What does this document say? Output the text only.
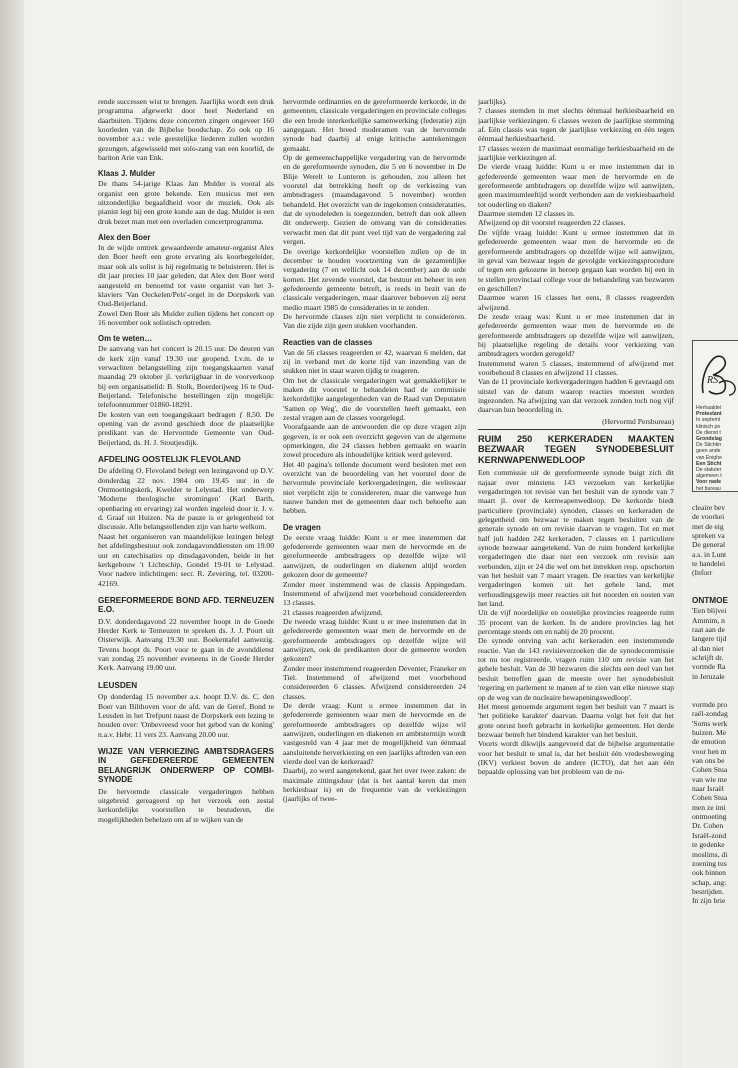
rende successen wist te brengen. Jaarlijks wordt een druk programma afgewerkt door heel Nederland en daarbuiten. Tijdens deze concerten zingen ongeveer 160 koorleden van de Bijbelse boodschap. Zo ook op 16 november a.s.: vele geestelijke liederen zullen worden gezongen, afgewisseld met solo-zang van een koorlid, de bariton Arie van Enk.

Klaas J. Mulder

De thans 54-jarige Klaas Jan Mulder is vooral als organist een grote bekende. Een musicus met een uitzonderlijke begaafdheid voor de muziek. Ook als pianist legt hij een grote kunde aan de dag. Mulder is een druk bezet man met een overladen concertprogramma.

Alex den Boer

In de wijde omtrek gewaardeerde amateur-organist Alex den Boer heeft een grote ervaring als koorbegeleider, maar ook als solist is hij regelmatig te beluisteren. Het is dit jaar precies 10 jaar geleden, dat Alex den Boer werd aangesteld en benoemd tot vaste organist van het 3-klaviers 'Van Oeckelen/Pels'-orgel in de Dorpskerk van Oud-Beijerland.

Zowel Den Boer als Mulder zullen tijdens het concert op 16 november ook solistisch optreden.

Om te weten…

De aanvang van het concert is 20.15 uur. De deuren van de kerk zijn vanaf 19.30 uur geopend. I.v.m. de te verwachten belangstelling zijn toegangskaarten vanaf maandag 29 oktober jl. verkrijgbaar in de voorverkoop bij een organisatielid: B. Stolk, Boerderijweg 16 te Oud-Beijerland. Telefonische bestellingen zijn mogelijk: telefoonnummer 01860-18291.

De kosten van een toegangskaart bedragen ƒ 8,50. De opening van de avond geschiedt door de plaatselijke predikant van de Hervormde Gemeente van Oud-Beijerland, ds. H. J. Stoutjesdijk.

AFDELING OOSTELIJK FLEVOLAND

De afdeling O. Flevoland belegt een lezingavond op D.V. donderdag 22 nov. 1984 om 19.45 uur in de Ontmoetingskerk, Kwelder te Lelystad. Het onderwerp 'Moderne theologische stromingen' (Karl Barth, openbaring en ervaring) zal worden ingeleid door ir. J. v. d. Graaf uit Huizen. Na de pauze is er gelegenheid tot discussie. Alle belangstellenden zijn van harte welkom.

Naast het organiseren van maandelijkse lezingen belegt het afdelingsbestuur ook zondagavonddiensten om 19.00 uur en catechisaties op dinsdagavonden, beide in het kerkgebouw 't Lichtschip, Gondel 19-01 te Lelystad. Voor nadere inlichtingen: secr. R. Zevering, tel. 03200-42169.

GEREFORMEERDE BOND AFD. TERNEUZEN E.O.

D.V. donderdagavond 22 november hoopt in de Goede Herder Kerk te Terneuzen te spreken ds. J. J. Poort uit Oisterwijk. Aanvang 19.30 uur. Boekentafel aanwezig. Tevens hoopt ds. Poort voor te gaan in de avonddienst van zondag 25 november eveneens in de Goede Herder Kerk. Aanvang 19.00 uur.

LEUSDEN

Op donderdag 15 november a.s. hoopt D.V. ds. C. den Boer van Bilthoven voor de afd. van de Geref. Bond te Leusden in het Trefpunt naast de Dorpskerk een lezing te houden over: 'Onbevreesd voor het gebod van de koning' n.a.v. Hebr. 11 vers 23. Aanvang 20.00 uur.

WIJZE VAN VERKIEZING AMBTSDRAGERS IN GEFEDEREERDE GEMEENTEN BELANGRIJK ONDERWERP OP COMBI-SYNODE

De hervormde classicale vergaderingen hebben uitgebreid gereageerd op het verzoek een zestal kerkordelijke voorstellen te bestuderen, die mogelijkheden behelzen om af te wijken van de

hervormde ordinanties en de gereformeerde kerkorde, in de gemeenten, classicale vergaderingen en provinciale colleges die een brede interkerkelijke samenwerking (federatie) zijn aangegaan. Het breed moderamen van de hervormde synode had daarbij al enige kritische aantekeningen gemaakt.

Op de gemeenschappelijke vergadering van de hervormde en de gereformeerde synoden, die 5 en 6 november in De Blije Werelt te Lunteren is gehouden, zou alleen het voorstel dat betrekking heeft op de verkiezing van ambtsdragers (maandagavond 5 november) worden behandeld. Het overzicht van de ingekomen considerataties, dat de synodeleden is toegezonden, betreft dan ook alleen dit onderwerp. Gezien de omvang van de consideraties verwacht men dat dit punt veel tijd van de vergadering zal vergen.

De overige kerkordelijke voorstellen zullen op de in december te houden voortzetting van de gezamenlijke vergadering (7 en wellicht ook 14 december) aan de orde komen. Het zevende voorstel, dat bestuur en beheer in een gefedereerde gemeente betreft, is reeds in bezit van de classicale vergaderingen, maar daarover behoeven zij eerst medio maart 1985 de consideraties in te zenden.

De hervormde classes zijn niet verplicht te considereren. Van die zijde zijn geen stukken voorhanden.

Reacties van de classes

Van de 56 classes reageerden er 42, waarvan 6 melden, dat zij in verband met de korte tijd van inzending van de stukken niet in staat waren tijdig te reageren.

Om het de classicale vergaderingen wat gemakkelijker te maken dit voorstel te behandelen had de commissie kerkordelijke aangelegenheden van de Raad van Deputaten 'Samen op Weg', die de voorstellen heeft gemaakt, een zestal vragen aan de classes voorgelegd.

Voorafgaande aan de antwoorden die op deze vragen zijn gegeven, is er ook een overzicht gegeven van de algemene opmerkingen, die 24 classes hebben gemaakt en waarin zowel procedure als inhoudelijke kritiek werd geleverd.

Het 40 pagina's tellende document werd besloten met een overzicht van de beoordeling van het voorstel door de hervormde provinciale kerkvergaderingen, die weliswaar niet verplicht zijn te considereren, maar die vanwege hun nauwe banden met de gemeenten daar toch behoefte aan hebben.

De vragen

De eerste vraag luidde: Kunt u er mee instemmen dat gefedereerde gemeenten waar men de hervormde en de gereformeerde ambtsdragers op dezelfde wijze wil aanwijzen, de ouderlingen en diakenen altijd worden gekozen door de gemeente?

Zonder meer instemmend was de classis Appingedam. Instemmend of afwijzend met voorbehoud considereerden 13 classes.

21 classes reageerden afwijzend.

De tweede vraag luidde: Kunt u er mee instemmen dat in gefedereerde gemeenten waar men de hervormde en de gereformeerde ambtsdragers op dezelfde wijze wil aanwijzen, ook de predikanten door de gemeente worden gekozen?

Zonder meer instemmend reageerden Deventer, Franeker en Tiel. Instemmend of afwijzend met voorbehoud considereerden 6 classes. Afwijzend considereerden 24 classes.

De derde vraag: Kunt u ermee instemmen dat in gefedereerde gemeenten waar men de hervormde en de gereformeerde ambtsdragers op dezelfde wijze wil aanwijzen, ouderlingen en diakenen en ambtstermijn wordt vastgesteld van 4 jaar met de mogelijkheid van éénmaal aansluitende herverkiezing en een jaarlijks aftreden van een vierde deel van de kerkeraad?

Daarbij, zo werd aangetekend, gaat het over twee zaken: de maximale zittingsduur (dat is het aantal keren dat men herkiesbaar is) en de frequentie van de verkiezingen (jaarlijks of twee-

jaarlijks).

7 classes stemden in met slechts éénmaal herkiesbaarheid en jaarlijkse verkiezingen. 6 classes wezen de jaarlijkse stemming af. Eén classis was tegen de jaarlijkse verkiezing en één tegen éénmaal herkiesbaarheid.

17 classes wezen de maximaal eenmalige herkiesbaarheid en de jaarlijkse verkiezingen af.

De vierde vraag luidde: Kunt u er mee instemmen dat in gefedereerde gemeenten waar men de hervormde en de gereformeerde ambtsdragers op dezelfde wijze wil aanwijzen, geen maximumleeftijd wordt verbonden aan de verkiesbaarheid tot ouderling en diaken?

Daarmee stemden 12 classes in.

Afwijzend op dit voorstel reageerden 22 classes.

De vijfde vraag luidde: Kunt u ermee instemmen dat in gefedereerde gemeenten waar men de hervormde en de gereformeerde ambtsdragers op dezelfde wijze wil aanwijzen, in geval van bezwaar tegen de gevolgde verkiezingsprocedure of tegen een gekozene in beroep gegaan kan worden bij een in te stellen provinciaal college voor de behandeling van bezwaren en geschillen?

Daarmee waren 16 classes het eens, 8 classes reageerden afwijzend.

De zesde vraag was: Kunt u er mee instemmen dat in gefedereerde gemeenten waar men de hervormde en de gereformeerde ambtsdragers op dezelfde wijze wil aanwijzen, bij plaatselijke regeling de details voor verkiezing van ambtsdragers worden geregeld?

Instemmend waren 5 classes, instemmend of afwijzend met voorbehoud 8 classes en afwijzend 11 classes.

Van de 11 provinciale kerkvergaderingen hadden 6 gevraagd om uitstel van de datum waarop reacties moesten worden ingezonden. Na afwijzing van dat verzoek zonden toch nog vijf daarvan hun beoordeling in.

(Hervormd Persbureau)

RUIM 250 KERKERADEN MAAKTEN BEZWAAR TEGEN SYNODEBESLUIT KERNWAPENWEDLOOP

Een commissie uit de gereformeerde synode buigt zich dit najaar over minstens 143 verzoeken van kerkelijke vergaderingen tot revisie van het besluit van de synode van 7 maart jl. over de kernwapenwedloop. De kerkorde biedt particuliere (provinciale) synoden, classes en kerkeraden de gelegenheid om bezwaar te maken tegen besluiten van de generale synode en om revisie daarvan te vragen. Tot en met half juli hadden 242 kerkeraden, 7 classes en 1 particuliere synode bezwaar aangetekend. Van de ruim honderd kerkelijke vergaderingen die daar niet een verzoek om revisie aan verbonden, zijn er 24 die wel om het intrekken resp. opschorten van het besluit van 7 maart vragen. De reacties van kerkelijke vergaderingen komen uit het gehele land, met verhoudingsgewijs meer reacties uit het noorden en oosten van het land.

Uit de vijf noordelijke en oostelijke provincies reageerde ruim 35 procent van de kerken. In de andere provincies lag het percentage steeds om en nabij de 20 procent.

De synode ontving van acht kerkeraden een instemmende reactie. Van de 143 revisieverzoeken die de synodecommissie tot nu toe registreerde, vragen ruim 110 om revisie van het gehele besluit. Van de 30 bezwaren die slechts een deel van het besluit betreffen gaan de meeste over het synodebesluit 'regering en parlement te manen af te zien van elke nieuwe stap op de weg van de nucleaire bewapeningswedloop'.

Het meest genoemde argument tegen het besluit van 7 maart is 'het politieke karakter' daarvan. Daarna volgt het feit dat het grote onrust heeft gebracht in kerkelijke gemeenten. Het derde bezwaar betreft het bindend karakter van het besluit.

Voorts wordt dikwijls aangevoerd dat de bijbelse argumentatie voor het besluit te smal is, dat het besluit één vredesbeweging (IKV) verkiest boven de andere (ICTO), dat het aan één bepaalde oplossing van het probleem van de nu-

RS
Herhaaldel
Protestant
In septemt
klinisch po
De dienst t
Grondslag
De Stichtin
geen ande
van Enighe
Een Sticht
De statuter
algemeen t
Voor nade
het bureau
cleaire bev
de voorkei
met de eig
spreken va
De general
a.s. in Lunt
te handelei
(Inforr
ONTMOE
'Een blijvei
Ammim, n
raat aan de
langere tijd
al dan niet
schrijft dr.
vormde Ra
in Jeruzale
vormde pro
raël-zondag
'Soms werk
huizen. Me
de emotion
voor hen m
van ons be
Cohen Stua
van wie me
naar Israël
Cohen Stua
men ze imi
ontmoeting
Dr. Cohen
Israël-zond
te gedenke
moslims, di
zoening tus
ook binnen
schap, ang:
bestrijden.
In zijn brie
